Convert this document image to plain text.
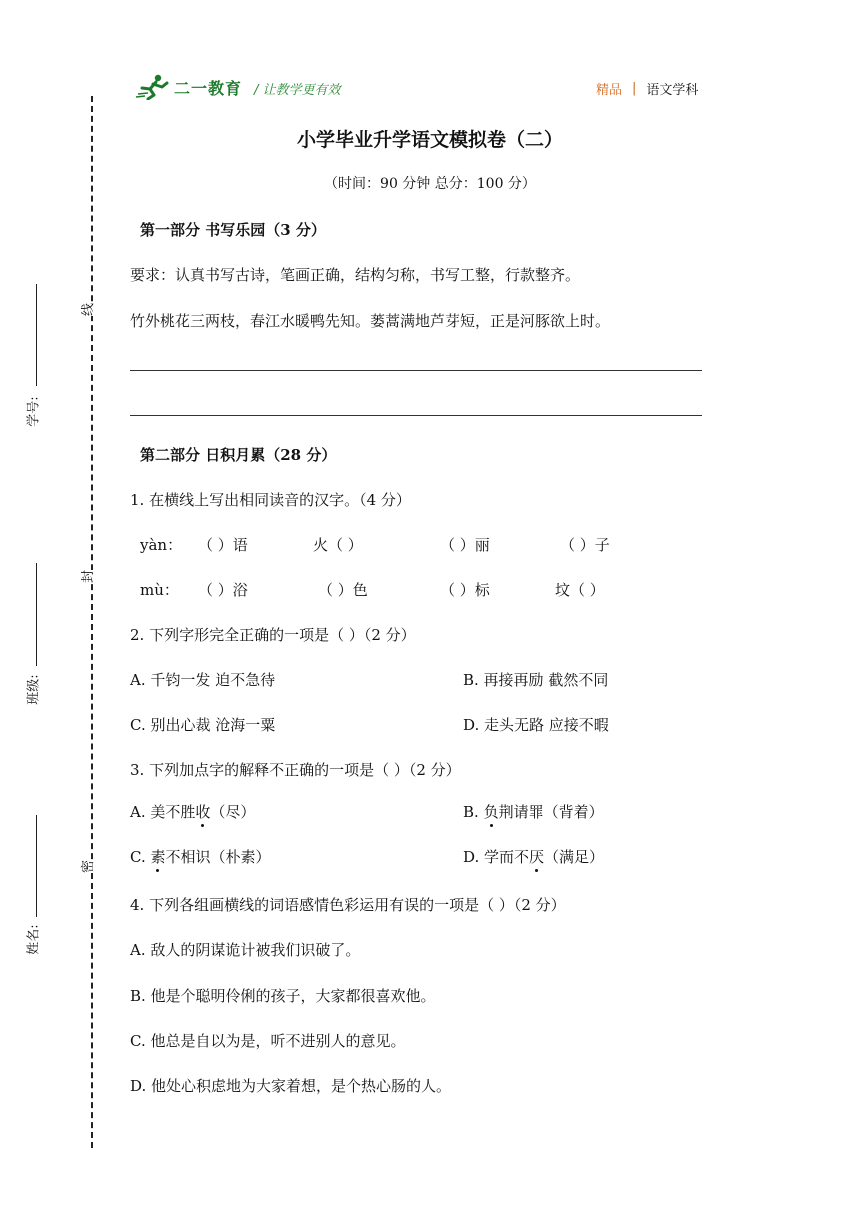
二一教育 / 让教学更有效	精品 | 语文学科
小学毕业升学语文模拟卷（二）
（时间：90 分钟 总分：100 分）
线
封
密
学号:
班级:
姓名:
第一部分 书写乐园（3 分）
要求：认真书写古诗，笔画正确，结构匀称，书写工整，行款整齐。
竹外桃花三两枝，春江水暖鸭先知。蒌蒿满地芦芽短，正是河豚欲上时。
第二部分 日积月累（28 分）
1. 在横线上写出相同读音的汉字。（4 分）
yàn： （ ）语	火（ ）	（ ）丽	（ ）子
mù： （ ）浴	（ ）色	（ ）标	坟（ ）
2. 下列字形完全正确的一项是（ ）（2 分）
A. 千钧一发 迫不急待	B. 再接再励 截然不同
C. 别出心裁 沧海一粟	D. 走头无路 应接不暇
3. 下列加点字的解释不正确的一项是（ ）（2 分）
A. 美不胜收（尽）	B. 负荆请罪（背着）
C. 素不相识（朴素）	D. 学而不厌（满足）
4. 下列各组画横线的词语感情色彩运用有误的一项是（ ）（2 分）
A. 敌人的阴谋诡计被我们识破了。
B. 他是个聪明伶俐的孩子，大家都很喜欢他。
C. 他总是自以为是，听不进别人的意见。
D. 他处心积虑地为大家着想，是个热心肠的人。
